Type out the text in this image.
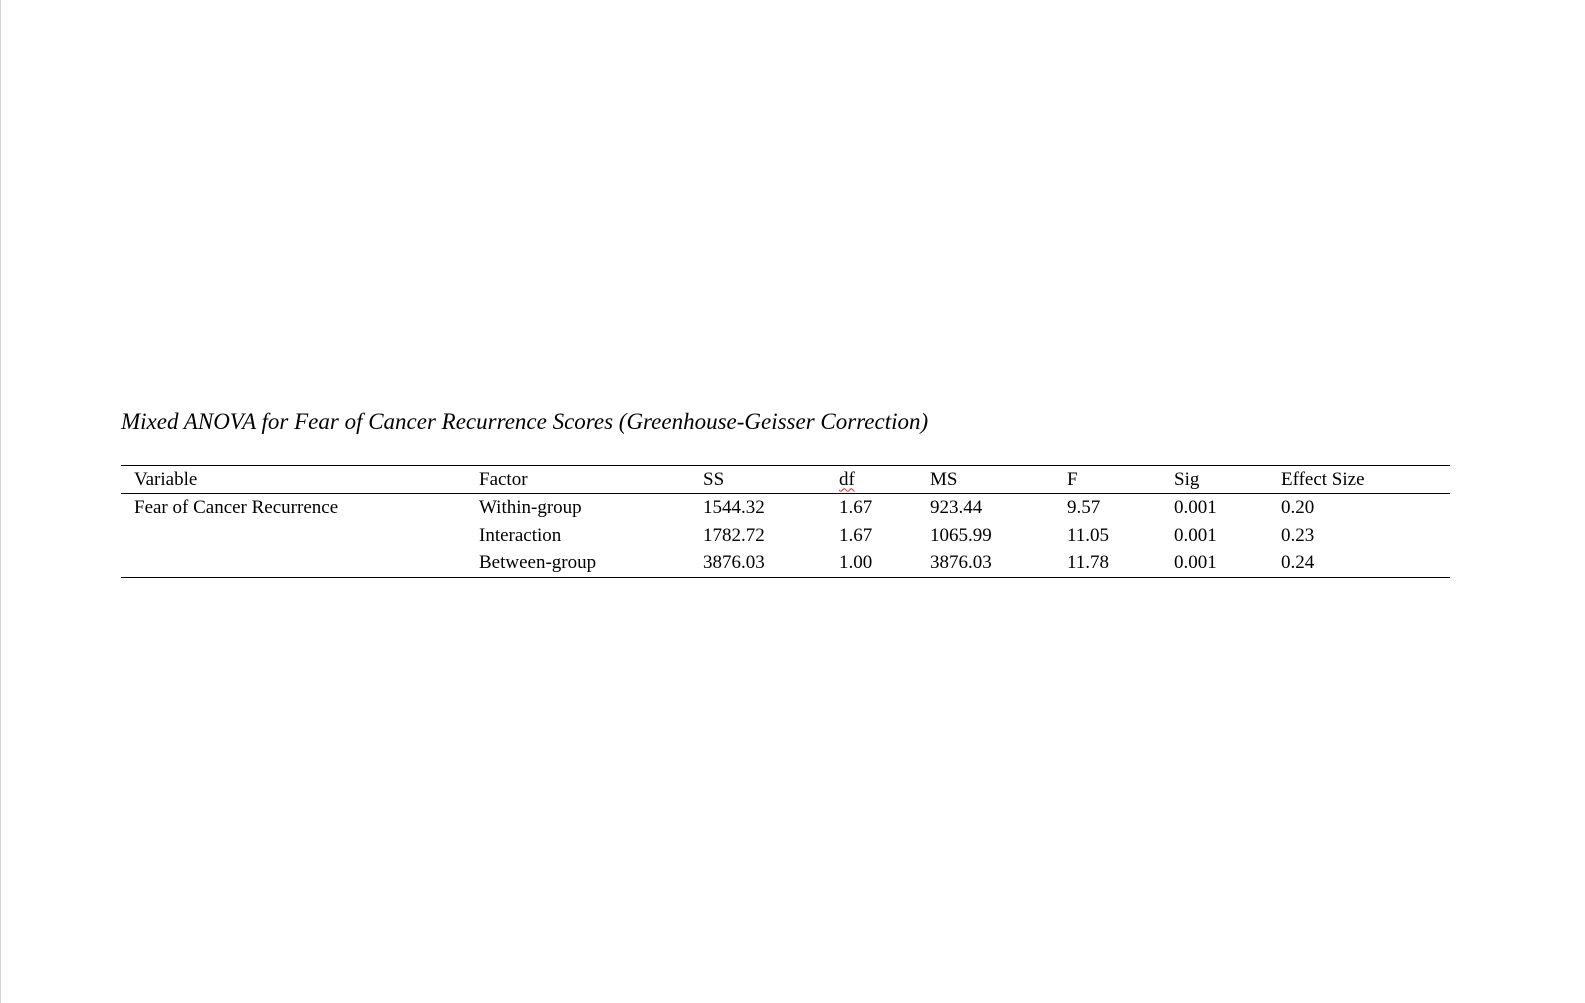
Mixed ANOVA for Fear of Cancer Recurrence Scores (Greenhouse-Geisser Correction)
Variable	Factor	SS	df	MS	F	Sig	Effect Size
Fear of Cancer Recurrence	Within-group	1544.32	1.67	923.44	9.57	0.001	0.20
	Interaction	1782.72	1.67	1065.99	11.05	0.001	0.23
	Between-group	3876.03	1.00	3876.03	11.78	0.001	0.24
